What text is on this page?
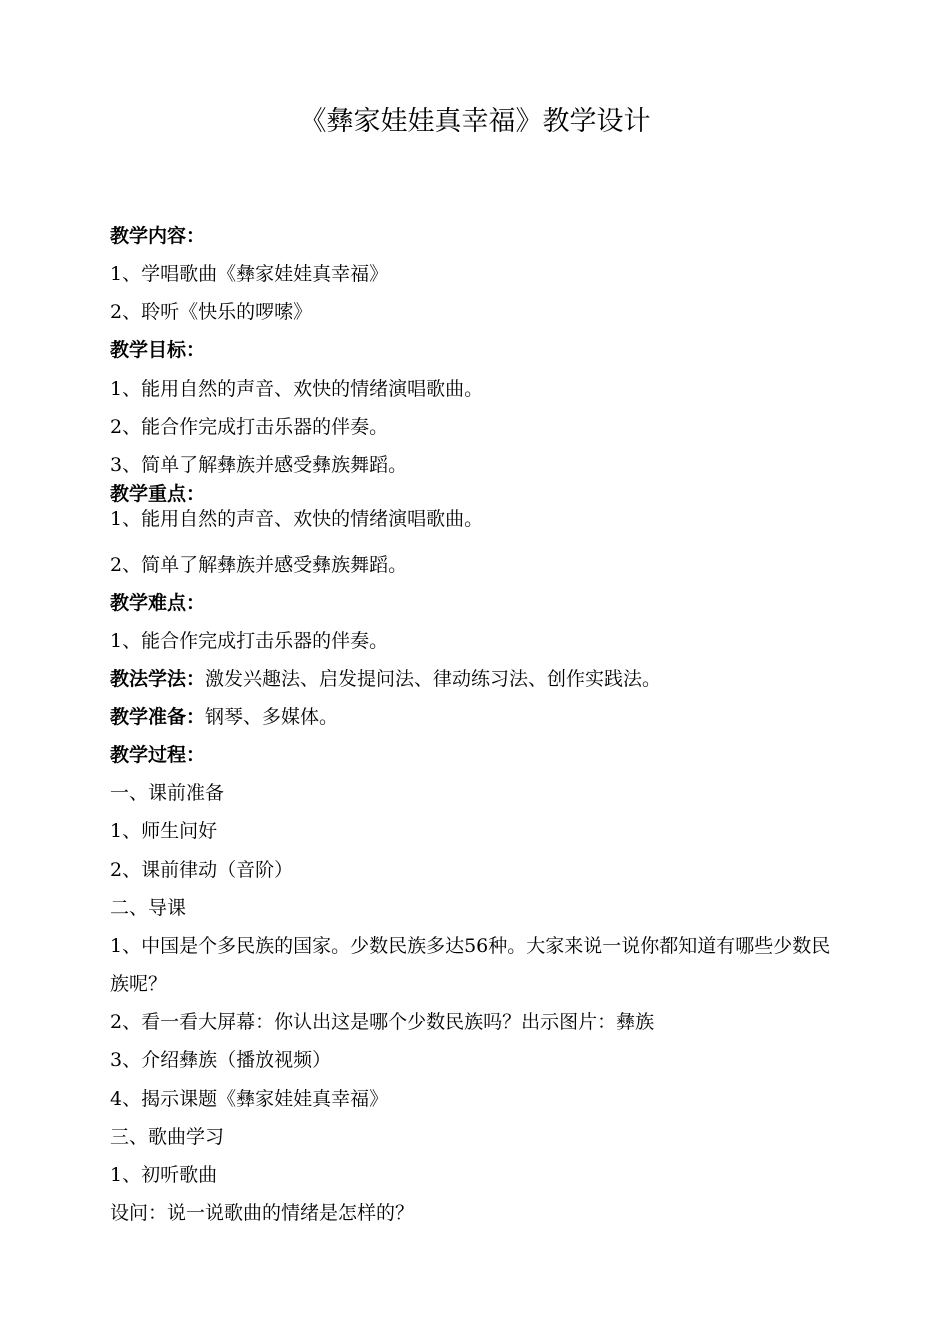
《彝家娃娃真幸福》教学设计
教学内容：
1、学唱歌曲《彝家娃娃真幸福》
2、聆听《快乐的啰嗦》
教学目标：
1、能用自然的声音、欢快的情绪演唱歌曲。
2、能合作完成打击乐器的伴奏。
3、简单了解彝族并感受彝族舞蹈。
教学重点：
1、能用自然的声音、欢快的情绪演唱歌曲。
2、简单了解彝族并感受彝族舞蹈。
教学难点：
1、能合作完成打击乐器的伴奏。
教法学法：激发兴趣法、启发提问法、律动练习法、创作实践法。
教学准备：钢琴、多媒体。
教学过程：
一、课前准备
1、师生问好
2、课前律动（音阶）
二、导课
1、中国是个多民族的国家。少数民族多达56种。大家来说一说你都知道有哪些少数民族呢？
2、看一看大屏幕：你认出这是哪个少数民族吗？出示图片：彝族
3、介绍彝族（播放视频）
4、揭示课题《彝家娃娃真幸福》
三、歌曲学习
1、初听歌曲
设问：说一说歌曲的情绪是怎样的？
